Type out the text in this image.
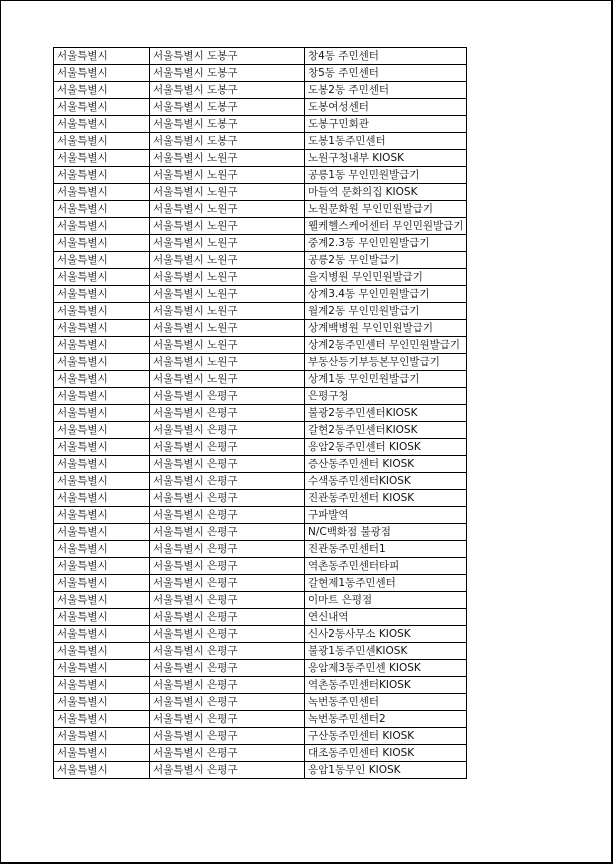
서울특별시	서울특별시 도봉구	창4동 주민센터
서울특별시	서울특별시 도봉구	창5동 주민센터
서울특별시	서울특별시 도봉구	도봉2동 주민센터
서울특별시	서울특별시 도봉구	도봉여성센터
서울특별시	서울특별시 도봉구	도봉구민회관
서울특별시	서울특별시 도봉구	도봉1동주민센터
서울특별시	서울특별시 노원구	노원구청내부 KIOSK
서울특별시	서울특별시 노원구	공릉1동 무인민원발급기
서울특별시	서울특별시 노원구	마들역 문화의집 KIOSK
서울특별시	서울특별시 노원구	노원문화원 무인민원발급기
서울특별시	서울특별시 노원구	웰케헬스케어센터 무인민원발급기
서울특별시	서울특별시 노원구	중계2.3동 무인민원발급기
서울특별시	서울특별시 노원구	공릉2동 무인발급기
서울특별시	서울특별시 노원구	을지병원 무인민원발급기
서울특별시	서울특별시 노원구	상계3.4동 무인민원발급기
서울특별시	서울특별시 노원구	월계2동 무인민원발급기
서울특별시	서울특별시 노원구	상계백병원 무인민원발급기
서울특별시	서울특별시 노원구	상계2동주민센터 무인민원발급기
서울특별시	서울특별시 노원구	부동산등기부등본무인발급기
서울특별시	서울특별시 노원구	상계1동 무인민원발급기
서울특별시	서울특별시 은평구	은평구청
서울특별시	서울특별시 은평구	불광2동주민센터KIOSK
서울특별시	서울특별시 은평구	갈현2동주민센터KIOSK
서울특별시	서울특별시 은평구	응암2동주민센터 KIOSK
서울특별시	서울특별시 은평구	증산동주민센터 KIOSK
서울특별시	서울특별시 은평구	수색동주민센터KIOSK
서울특별시	서울특별시 은평구	진관동주민센터 KIOSK
서울특별시	서울특별시 은평구	구파발역
서울특별시	서울특별시 은평구	N/C백화점 불광점
서울특별시	서울특별시 은평구	진관동주민센터1
서울특별시	서울특별시 은평구	역촌동주민센터타피
서울특별시	서울특별시 은평구	갈현제1동주민센터
서울특별시	서울특별시 은평구	이마트 은평점
서울특별시	서울특별시 은평구	연신내역
서울특별시	서울특별시 은평구	신사2동사무소 KIOSK
서울특별시	서울특별시 은평구	불광1동주민센KIOSK
서울특별시	서울특별시 은평구	응암제3동주민센 KIOSK
서울특별시	서울특별시 은평구	역촌동주민센터KIOSK
서울특별시	서울특별시 은평구	녹번동주민센터
서울특별시	서울특별시 은평구	녹번동주민센터2
서울특별시	서울특별시 은평구	구산동주민센터 KIOSK
서울특별시	서울특별시 은평구	대조동주민센터 KIOSK
서울특별시	서울특별시 은평구	응암1동무인 KIOSK
